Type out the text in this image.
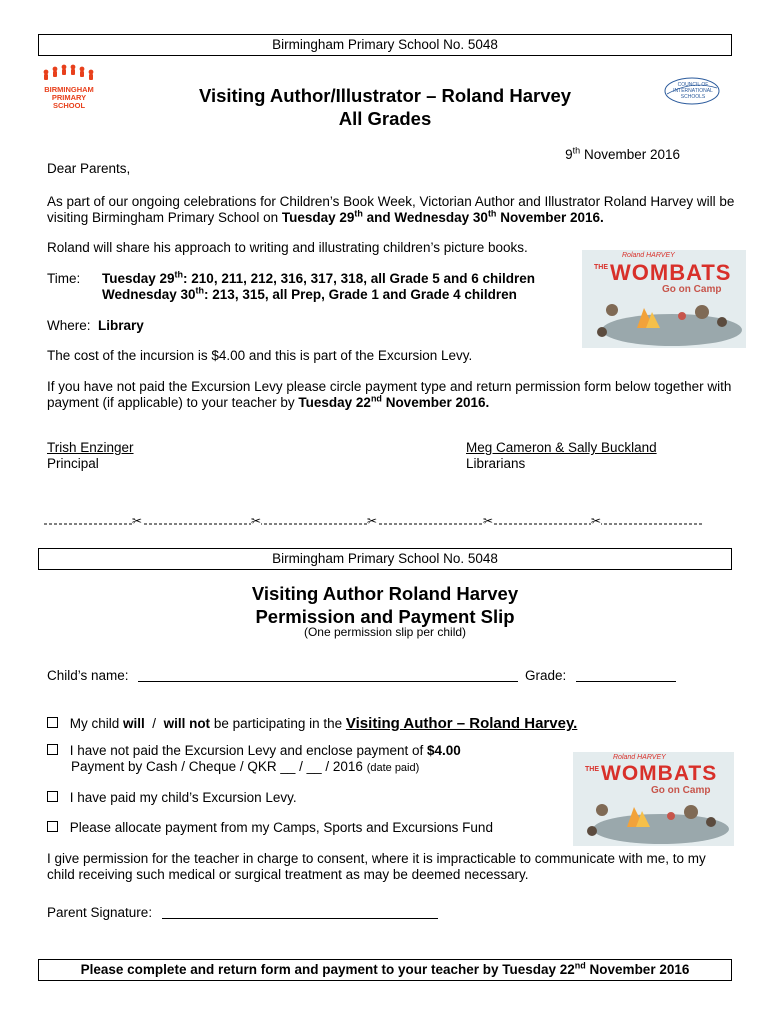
Birmingham Primary School No. 5048
BIRMINGHAM
PRIMARY
SCHOOL
COUNCIL OF
INTERNATIONAL
SCHOOLS
Visiting Author/Illustrator – Roland Harvey
All Grades
9th November 2016
Dear Parents,
As part of our ongoing celebrations for Children’s Book Week, Victorian Author and Illustrator Roland Harvey will be visiting Birmingham Primary School on Tuesday 29th and Wednesday 30th November 2016.
Roland will share his approach to writing and illustrating children’s picture books.
Time: Tuesday 29th: 210, 211, 212, 316, 317, 318, all Grade 5 and 6 children
Wednesday 30th: 213, 315, all Prep, Grade 1 and Grade 4 children
Roland HARVEY
THE WOMBATS
Go on Camp
Where: Library
The cost of the incursion is $4.00 and this is part of the Excursion Levy.
If you have not paid the Excursion Levy please circle payment type and return permission form below together with payment (if applicable) to your teacher by Tuesday 22nd November 2016.
Trish Enzinger
Principal
Meg Cameron & Sally Buckland
Librarians
✂	✂	✂	✂	✂
Birmingham Primary School No. 5048
Visiting Author Roland Harvey
Permission and Payment Slip
(One permission slip per child)
Child’s name:	Grade:
My child will  /  will not be participating in the Visiting Author – Roland Harvey.
I have not paid the Excursion Levy and enclose payment of $4.00
Payment by Cash / Cheque / QKR __ / __ / 2016 (date paid)
Roland HARVEY
THE WOMBATS
Go on Camp
I have paid my child’s Excursion Levy.
Please allocate payment from my Camps, Sports and Excursions Fund
I give permission for the teacher in charge to consent, where it is impracticable to communicate with me, to my child receiving such medical or surgical treatment as may be deemed necessary.
Parent Signature:
Please complete and return form and payment to your teacher by Tuesday 22nd November 2016
